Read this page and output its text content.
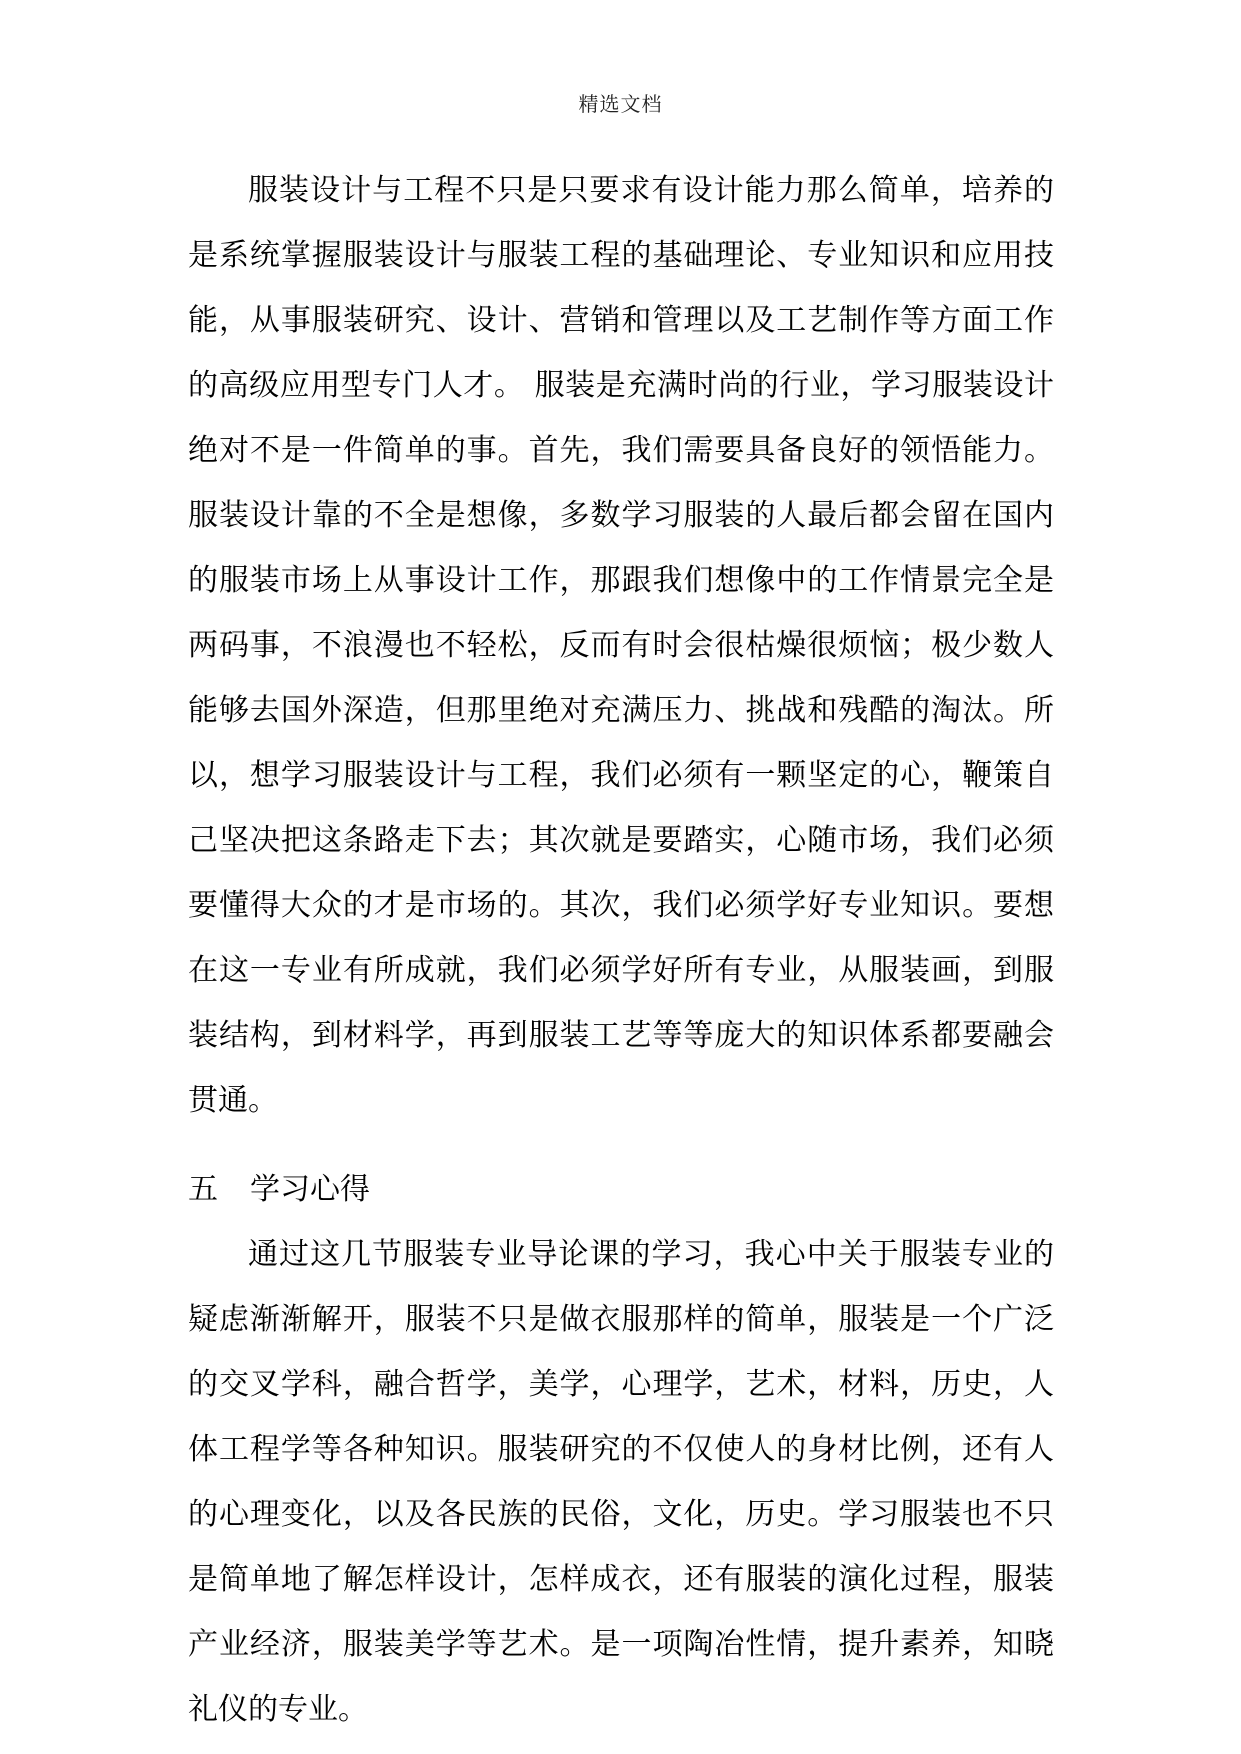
精选文档

服装设计与工程不只是只要求有设计能力那么简单，培养的是系统掌握服装设计与服装工程的基础理论、专业知识和应用技能，从事服装研究、设计、营销和管理以及工艺制作等方面工作的高级应用型专门人才。 服装是充满时尚的行业，学习服装设计绝对不是一件简单的事。首先，我们需要具备良好的领悟能力。服装设计靠的不全是想像，多数学习服装的人最后都会留在国内的服装市场上从事设计工作，那跟我们想像中的工作情景完全是两码事，不浪漫也不轻松，反而有时会很枯燥很烦恼；极少数人能够去国外深造，但那里绝对充满压力、挑战和残酷的淘汰。所以，想学习服装设计与工程，我们必须有一颗坚定的心，鞭策自己坚决把这条路走下去；其次就是要踏实，心随市场，我们必须要懂得大众的才是市场的。其次，我们必须学好专业知识。要想在这一专业有所成就，我们必须学好所有专业，从服装画，到服装结构，到材料学，再到服装工艺等等庞大的知识体系都要融会贯通。

五 学习心得

通过这几节服装专业导论课的学习，我心中关于服装专业的疑虑渐渐解开，服装不只是做衣服那样的简单，服装是一个广泛的交叉学科，融合哲学，美学，心理学，艺术，材料，历史，人体工程学等各种知识。服装研究的不仅使人的身材比例，还有人的心理变化，以及各民族的民俗，文化，历史。学习服装也不只是简单地了解怎样设计，怎样成衣，还有服装的演化过程，服装产业经济，服装美学等艺术。是一项陶冶性情，提升素养，知晓礼仪的专业。
